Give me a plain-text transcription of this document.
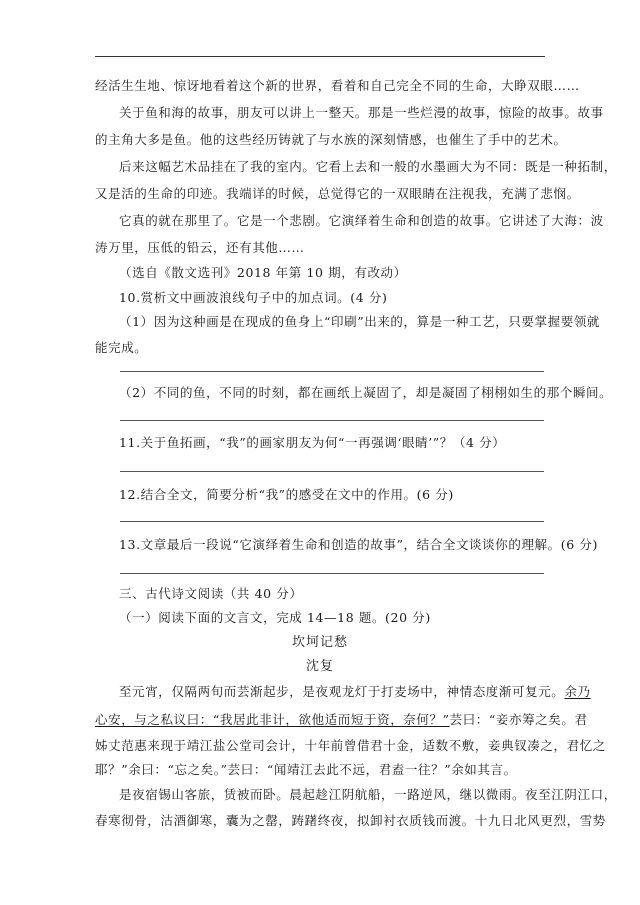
经活生生地、惊讶地看着这个新的世界，看着和自己完全不同的生命，大睁双眼……
关于鱼和海的故事，朋友可以讲上一整天。那是一些烂漫的故事，惊险的故事。故事
的主角大多是鱼。他的这些经历铸就了与水族的深刻情感，也催生了手中的艺术。
后来这幅艺术品挂在了我的室内。它看上去和一般的水墨画大为不同：既是一种拓制，
又是活的生命的印迹。我端详的时候，总觉得它的一双眼睛在注视我，充满了悲悯。
它真的就在那里了。它是一个悲剧。它演绎着生命和创造的故事。它讲述了大海：波
涛万里，压低的铅云，还有其他……
（选自《散文选刊》2018 年第 10 期，有改动）
10.赏析文中画波浪线句子中的加点词。(4 分)
（1）因为这种画是在现成的鱼身上“印刷”出来的，算是一种工艺，只要掌握要领就
能完成。
（2）不同的鱼，不同的时刻，都在画纸上凝固了，却是凝固了栩栩如生的那个瞬间。
11.关于鱼拓画，“我”的画家朋友为何“一再强调‘眼睛’”？（4 分）
12.结合全文，简要分析“我”的感受在文中的作用。(6 分)
13.文章最后一段说“它演绎着生命和创造的故事”，结合全文谈谈你的理解。(6 分)
三、古代诗文阅读（共 40 分）
（一）阅读下面的文言文，完成 14—18 题。(20 分)
坎坷记愁
沈复
至元宵，仅隔两旬而芸渐起步，是夜观龙灯于打麦场中，神情态度渐可复元。余乃
心安，与之私议曰：“我居此非计，欲他适而短于资，奈何？”芸曰：“妾亦筹之矣。君
姊丈范惠来现于靖江盐公堂司会计，十年前曾借君十金，适数不敷，妾典钗凑之，君忆之
耶？”余曰：“忘之矣。”芸曰：“闻靖江去此不远，君盍一往？”余如其言。
是夜宿锡山客旅，赁被而卧。晨起趁江阴航船，一路逆风，继以微雨。夜至江阴江口，
春寒彻骨，沽酒御寒，囊为之罄，踌躇终夜，拟卸衬衣质钱而渡。十九日北风更烈，雪势
